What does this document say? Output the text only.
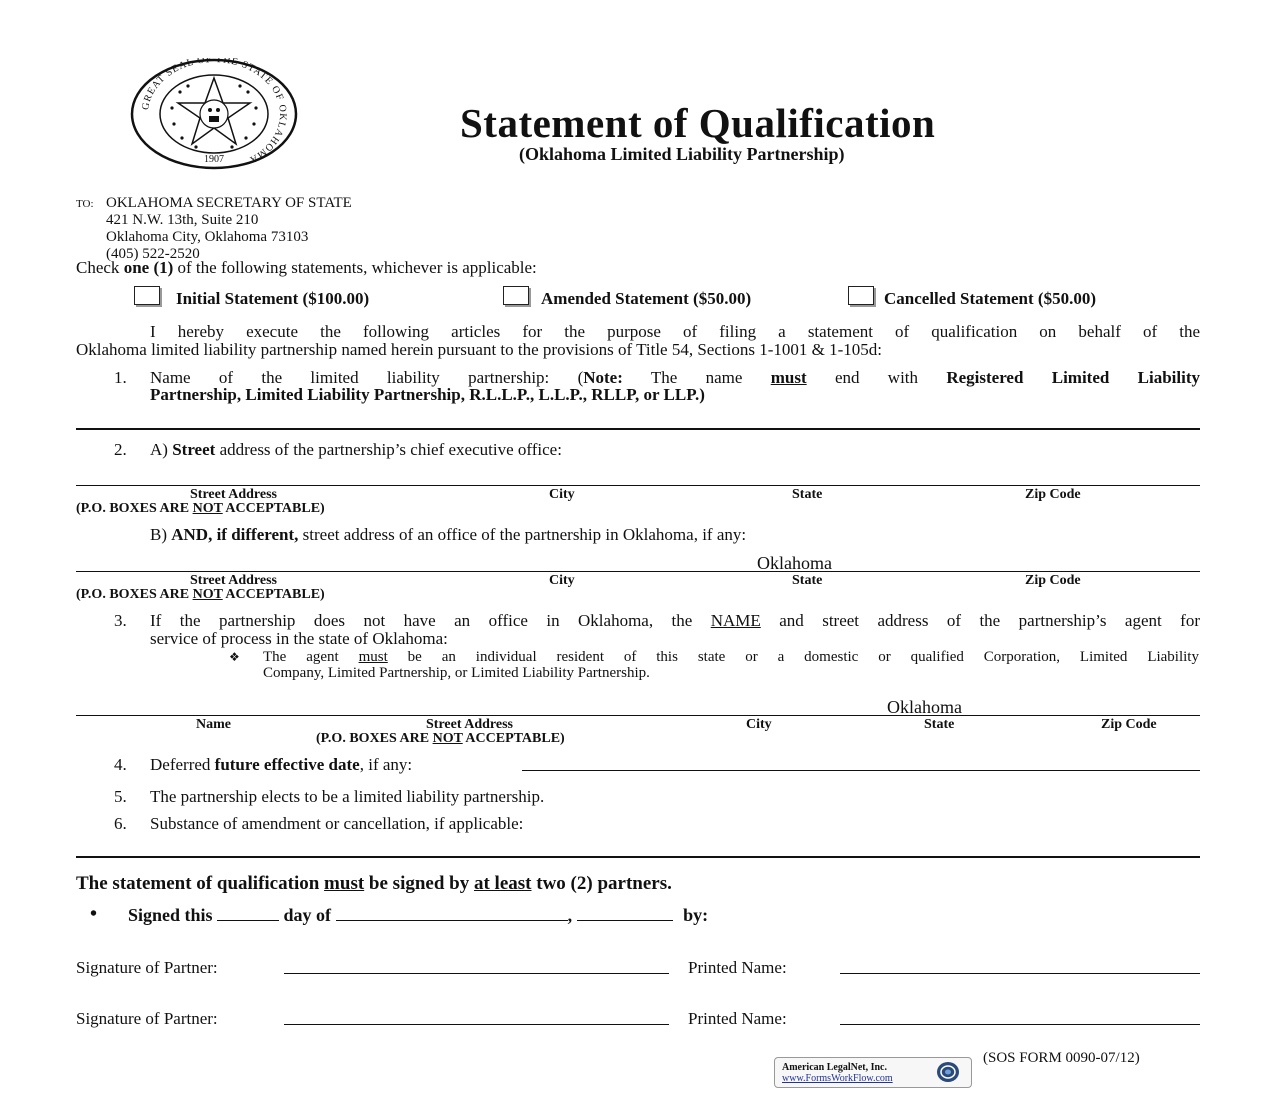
GREAT SEAL OF THE STATE OF OKLAHOMA
1907
Statement of Qualification
(Oklahoma Limited Liability Partnership)
TO: OKLAHOMA SECRETARY OF STATE
421 N.W. 13th, Suite 210
Oklahoma City, Oklahoma 73103
(405) 522-2520
Check one (1) of the following statements, whichever is applicable:
Initial Statement ($100.00)	Amended Statement ($50.00)	Cancelled Statement ($50.00)
I hereby execute the following articles for the purpose of filing a statement of qualification on behalf of the
Oklahoma limited liability partnership named herein pursuant to the provisions of Title 54, Sections 1-1001 & 1-105d:
1. Name of the limited liability partnership: (Note: The name must end with Registered Limited Liability
Partnership, Limited Liability Partnership, R.L.L.P., L.L.P., RLLP, or LLP.)
2. A) Street address of the partnership’s chief executive office:
Street Address	City	State	Zip Code
(P.O. BOXES ARE NOT ACCEPTABLE)
B) AND, if different, street address of an office of the partnership in Oklahoma, if any:
Oklahoma
Street Address	City	State	Zip Code
(P.O. BOXES ARE NOT ACCEPTABLE)
3. If the partnership does not have an office in Oklahoma, the NAME and street address of the partnership’s agent for
service of process in the state of Oklahoma:
❖ The agent must be an individual resident of this state or a domestic or qualified Corporation, Limited Liability
Company, Limited Partnership, or Limited Liability Partnership.
Oklahoma
Name	Street Address	City	State	Zip Code
(P.O. BOXES ARE NOT ACCEPTABLE)
4. Deferred future effective date, if any:
5. The partnership elects to be a limited liability partnership.
6. Substance of amendment or cancellation, if applicable:
The statement of qualification must be signed by at least two (2) partners.
• Signed this	day of	,	by:
Signature of Partner:	Printed Name:
Signature of Partner:	Printed Name:
American LegalNet, Inc.
www.FormsWorkFlow.com
(SOS FORM 0090-07/12)
